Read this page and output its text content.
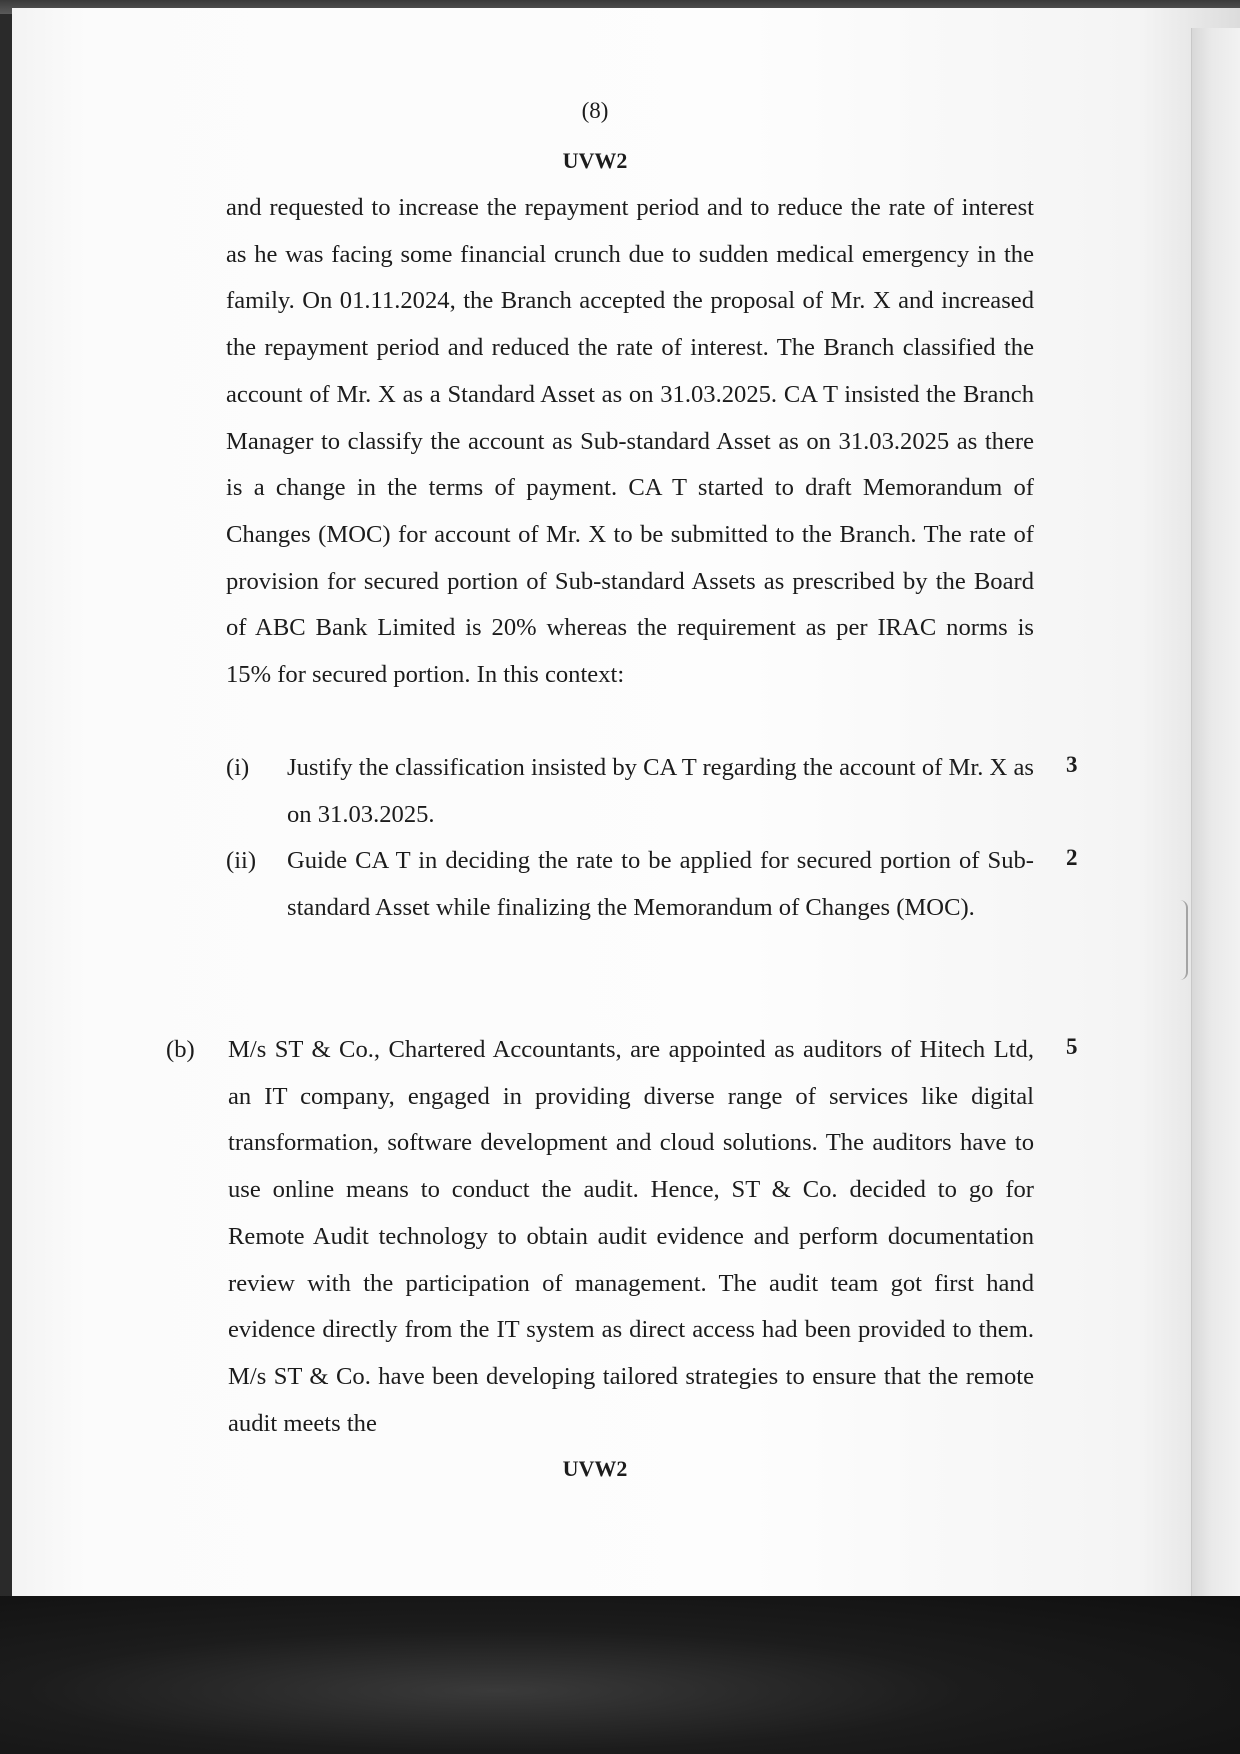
(8)
UVW2
and requested to increase the repayment period and to reduce the rate of interest as he was facing some financial crunch due to sudden medical emergency in the family. On 01.11.2024, the Branch accepted the proposal of Mr. X and increased the repayment period and reduced the rate of interest. The Branch classified the account of Mr. X as a Standard Asset as on 31.03.2025. CA T insisted the Branch Manager to classify the account as Sub-standard Asset as on 31.03.2025 as there is a change in the terms of payment. CA T started to draft Memorandum of Changes (MOC) for account of Mr. X to be submitted to the Branch. The rate of provision for secured portion of Sub-standard Assets as prescribed by the Board of ABC Bank Limited is 20% whereas the requirement as per IRAC norms is 15% for secured portion. In this context:
(i) Justify the classification insisted by CA T regarding the account of Mr. X as on 31.03.2025.
3
(ii) Guide CA T in deciding the rate to be applied for secured portion of Sub-standard Asset while finalizing the Memorandum of Changes (MOC).
2
(b) M/s ST & Co., Chartered Accountants, are appointed as auditors of Hitech Ltd, an IT company, engaged in providing diverse range of services like digital transformation, software development and cloud solutions. The auditors have to use online means to conduct the audit. Hence, ST & Co. decided to go for Remote Audit technology to obtain audit evidence and perform documentation review with the participation of management. The audit team got first hand evidence directly from the IT system as direct access had been provided to them. M/s ST & Co. have been developing tailored strategies to ensure that the remote audit meets the
5
UVW2
